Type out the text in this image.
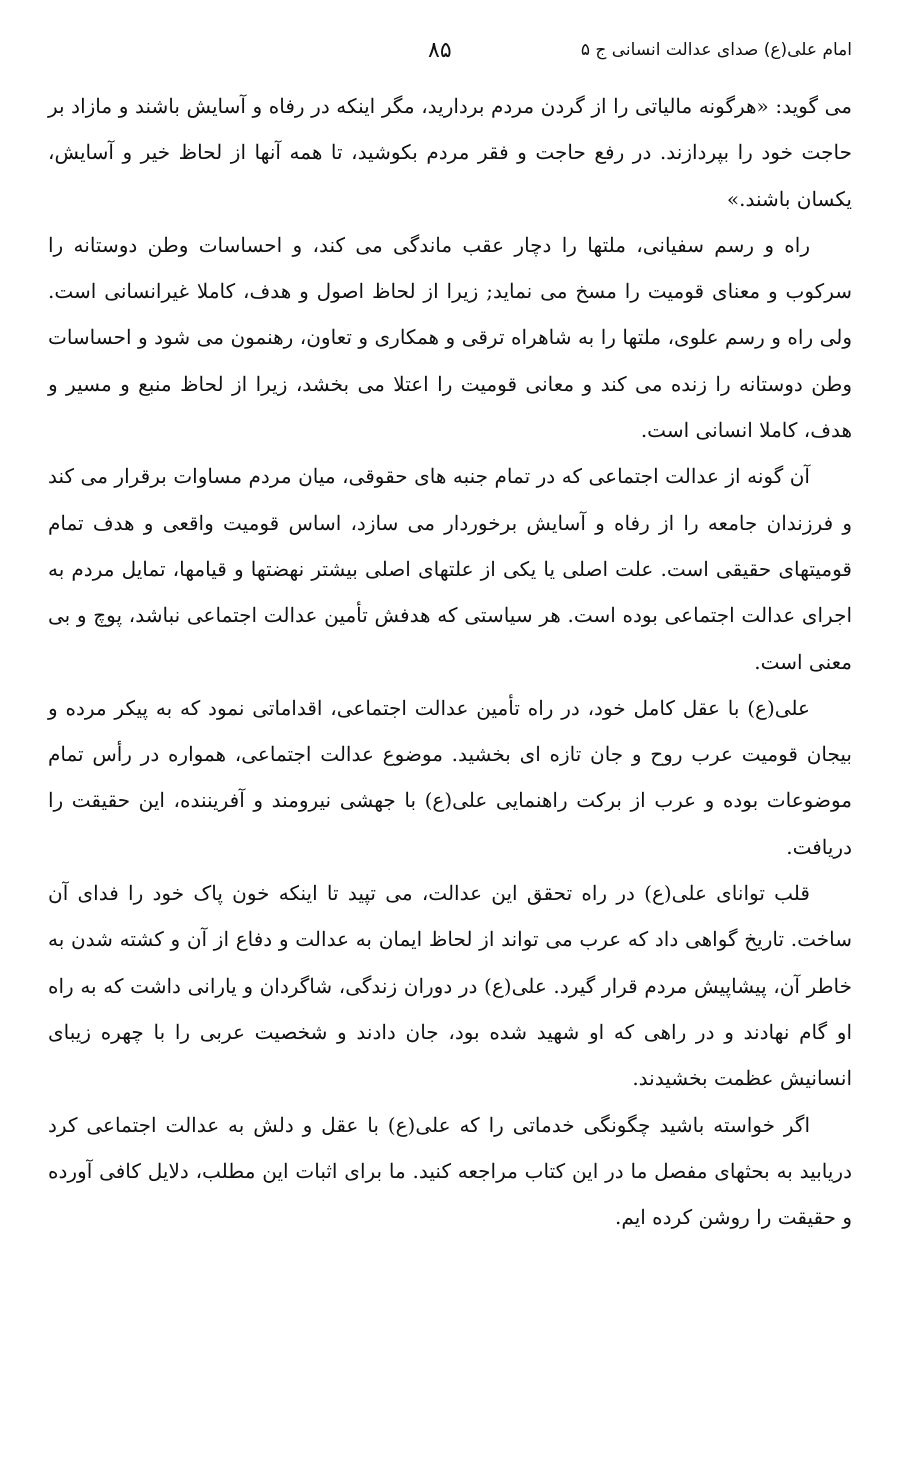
امام علی(ع) صدای عدالت انسانی ج ۵
۸۵

می گوید: «هرگونه مالیاتی را از گردن مردم بردارید، مگر اینکه در رفاه و آسایش باشند و مازاد بر حاجت خود را بپردازند. در رفع حاجت و فقر مردم بکوشید، تا همه آنها از لحاظ خیر و آسایش، یکسان باشند.»

راه و رسم سفیانی، ملتها را دچار عقب ماندگی می کند، و احساسات وطن دوستانه را سرکوب و معنای قومیت را مسخ می نماید; زیرا از لحاظ اصول و هدف، کاملا غیرانسانی است. ولی راه و رسم علوی، ملتها را به شاهراه ترقی و همکاری و تعاون، رهنمون می شود و احساسات وطن دوستانه را زنده می کند و معانی قومیت را اعتلا می بخشد، زیرا از لحاظ منبع و مسیر و هدف، کاملا انسانی است.

آن گونه از عدالت اجتماعی که در تمام جنبه های حقوقی، میان مردم مساوات برقرار می کند و فرزندان جامعه را از رفاه و آسایش برخوردار می سازد، اساس قومیت واقعی و هدف تمام قومیتهای حقیقی است. علت اصلی یا یکی از علتهای اصلی بیشتر نهضتها و قیامها، تمایل مردم به اجرای عدالت اجتماعی بوده است. هر سیاستی که هدفش تأمین عدالت اجتماعی نباشد، پوچ و بی معنی است.

علی(ع) با عقل کامل خود، در راه تأمین عدالت اجتماعی، اقداماتی نمود که به پیکر مرده و بیجان قومیت عرب روح و جان تازه ای بخشید. موضوع عدالت اجتماعی، همواره در رأس تمام موضوعات بوده و عرب از برکت راهنمایی علی(ع) با جهشی نیرومند و آفریننده، این حقیقت را دریافت.

قلب توانای علی(ع) در راه تحقق این عدالت، می تپید تا اینکه خون پاک خود را فدای آن ساخت. تاریخ گواهی داد که عرب می تواند از لحاظ ایمان به عدالت و دفاع از آن و کشته شدن به خاطر آن، پیشاپیش مردم قرار گیرد. علی(ع) در دوران زندگی، شاگردان و یارانی داشت که به راه او گام نهادند و در راهی که او شهید شده بود، جان دادند و شخصیت عربی را با چهره زیبای انسانیش عظمت بخشیدند.

اگر خواسته باشید چگونگی خدماتی را که علی(ع) با عقل و دلش به عدالت اجتماعی کرد دریابید به بحثهای مفصل ما در این کتاب مراجعه کنید. ما برای اثبات این مطلب، دلایل کافی آورده و حقیقت را روشن کرده ایم.
